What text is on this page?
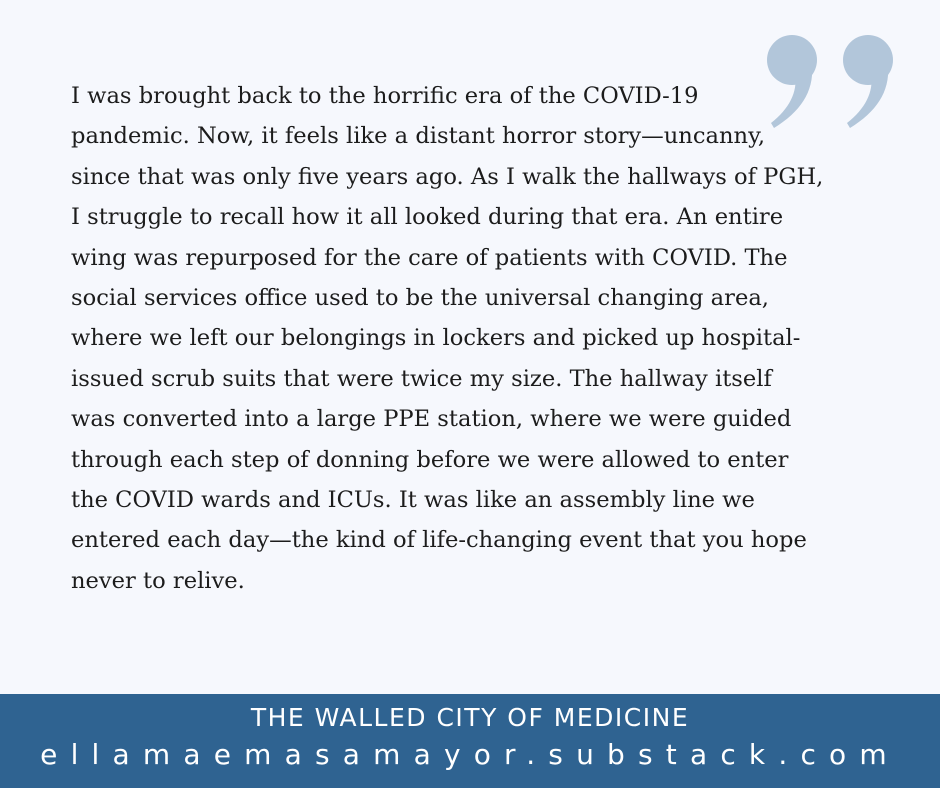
I was brought back to the horrific era of the COVID-19
pandemic. Now, it feels like a distant horror story—uncanny,
since that was only five years ago. As I walk the hallways of PGH,
I struggle to recall how it all looked during that era. An entire
wing was repurposed for the care of patients with COVID. The
social services office used to be the universal changing area,
where we left our belongings in lockers and picked up hospital-
issued scrub suits that were twice my size. The hallway itself
was converted into a large PPE station, where we were guided
through each step of donning before we were allowed to enter
the COVID wards and ICUs. It was like an assembly line we
entered each day—the kind of life-changing event that you hope
never to relive.
THE WALLED CITY OF MEDICINE
ellamaemasamayor.substack.com
